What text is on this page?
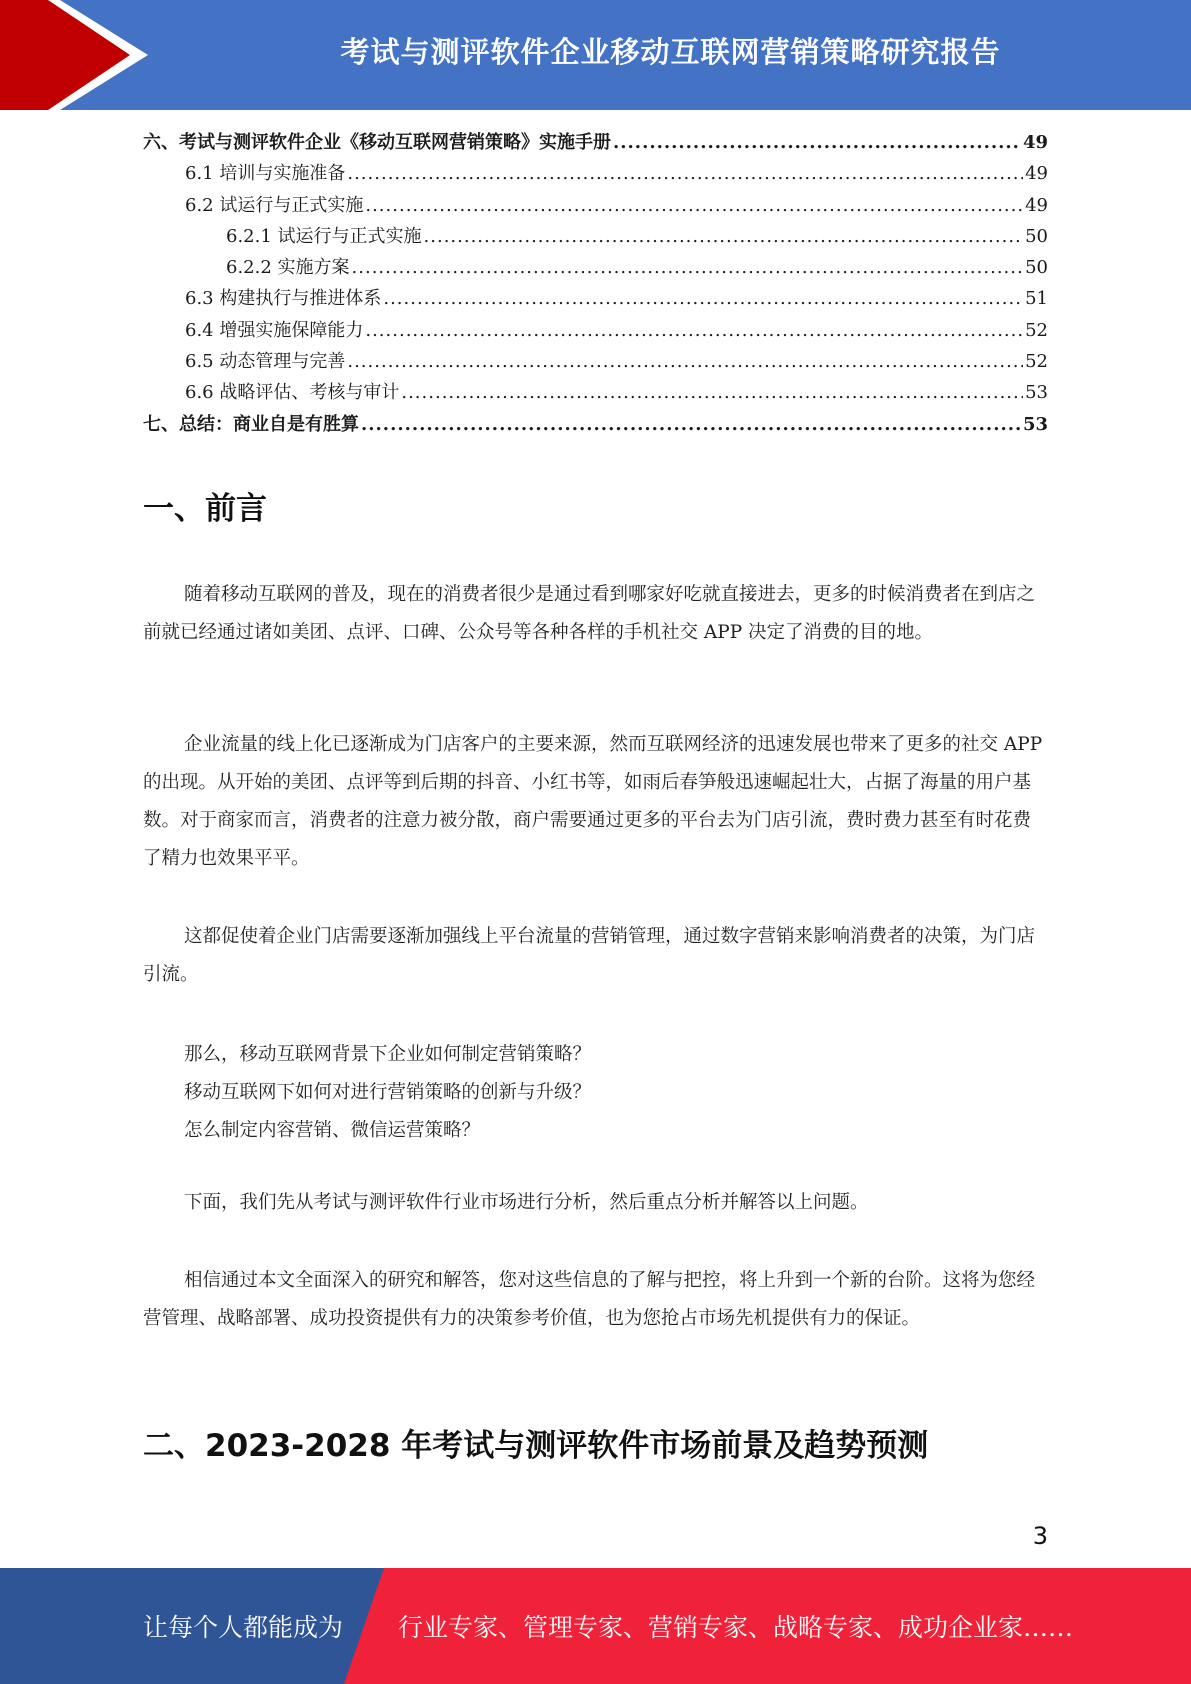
考试与测评软件企业移动互联网营销策略研究报告
六、考试与测评软件企业《移动互联网营销策略》实施手册 .....	49
6.1 培训与实施准备 .....	49
6.2 试运行与正式实施 .....	49
6.2.1 试运行与正式实施 .....	50
6.2.2 实施方案 .....	50
6.3 构建执行与推进体系 .....	51
6.4 增强实施保障能力 .....	52
6.5 动态管理与完善 .....	52
6.6 战略评估、考核与审计 .....	53
七、总结：商业自是有胜算 .....	53
一、前言

随着移动互联网的普及，现在的消费者很少是通过看到哪家好吃就直接进去，更多的时候消费者在到店之前就已经通过诸如美团、点评、口碑、公众号等各种各样的手机社交 APP 决定了消费的目的地。

企业流量的线上化已逐渐成为门店客户的主要来源，然而互联网经济的迅速发展也带来了更多的社交 APP 的出现。从开始的美团、点评等到后期的抖音、小红书等，如雨后春笋般迅速崛起壮大，占据了海量的用户基数。对于商家而言，消费者的注意力被分散，商户需要通过更多的平台去为门店引流，费时费力甚至有时花费了精力也效果平平。

这都促使着企业门店需要逐渐加强线上平台流量的营销管理，通过数字营销来影响消费者的决策，为门店引流。

那么，移动互联网背景下企业如何制定营销策略？
移动互联网下如何对进行营销策略的创新与升级？
怎么制定内容营销、微信运营策略？

下面，我们先从考试与测评软件行业市场进行分析，然后重点分析并解答以上问题。

相信通过本文全面深入的研究和解答，您对这些信息的了解与把控，将上升到一个新的台阶。这将为您经营管理、战略部署、成功投资提供有力的决策参考价值，也为您抢占市场先机提供有力的保证。

二、2023-2028 年考试与测评软件市场前景及趋势预测
3
让每个人都能成为 行业专家、管理专家、营销专家、战略专家、成功企业家……
